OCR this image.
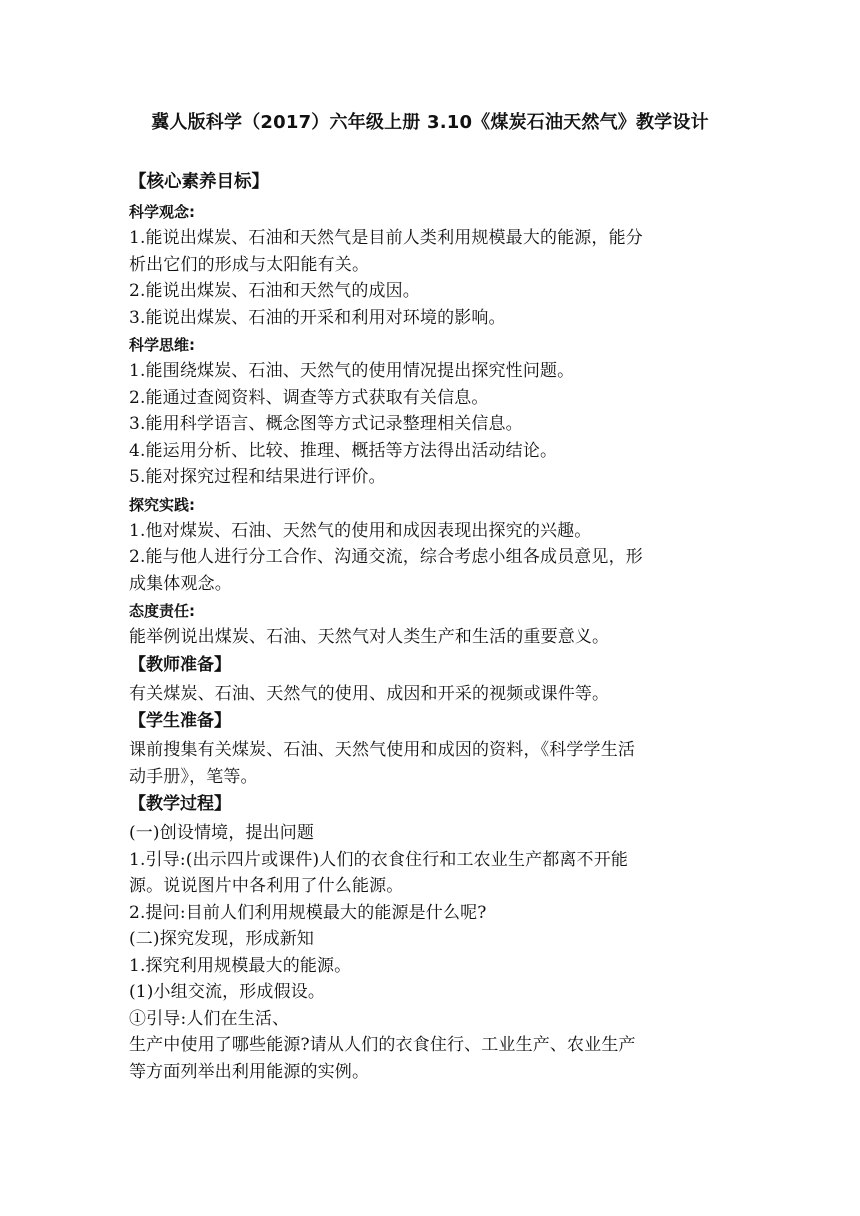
冀人版科学（2017）六年级上册 3.10《煤炭石油天然气》教学设计
【核心素养目标】
科学观念:
1.能说出煤炭、石油和天然气是目前人类利用规模最大的能源，能分
析出它们的形成与太阳能有关。
2.能说出煤炭、石油和天然气的成因。
3.能说出煤炭、石油的开采和利用对环境的影响。
科学思维:
1.能围绕煤炭、石油、天然气的使用情况提出探究性问题。
2.能通过查阅资料、调查等方式获取有关信息。
3.能用科学语言、概念图等方式记录整理相关信息。
4.能运用分析、比较、推理、概括等方法得出活动结论。
5.能对探究过程和结果进行评价。
探究实践:
1.他对煤炭、石油、天然气的使用和成因表现出探究的兴趣。
2.能与他人进行分工合作、沟通交流，综合考虑小组各成员意见，形
成集体观念。
态度责任:
能举例说出煤炭、石油、天然气对人类生产和生活的重要意义。
【教师准备】
有关煤炭、石油、天然气的使用、成因和开采的视频或课件等。
【学生准备】
课前搜集有关煤炭、石油、天然气使用和成因的资料，《科学学生活
动手册》，笔等。
【教学过程】
(一)创设情境，提出问题
1.引导:(出示四片或课件)人们的衣食住行和工农业生产都离不开能
源。说说图片中各利用了什么能源。
2.提问:目前人们利用规模最大的能源是什么呢?
(二)探究发现，形成新知
1.探究利用规模最大的能源。
(1)小组交流，形成假设。
①引导:人们在生活、
生产中使用了哪些能源?请从人们的衣食住行、工业生产、农业生产
等方面列举出利用能源的实例。
